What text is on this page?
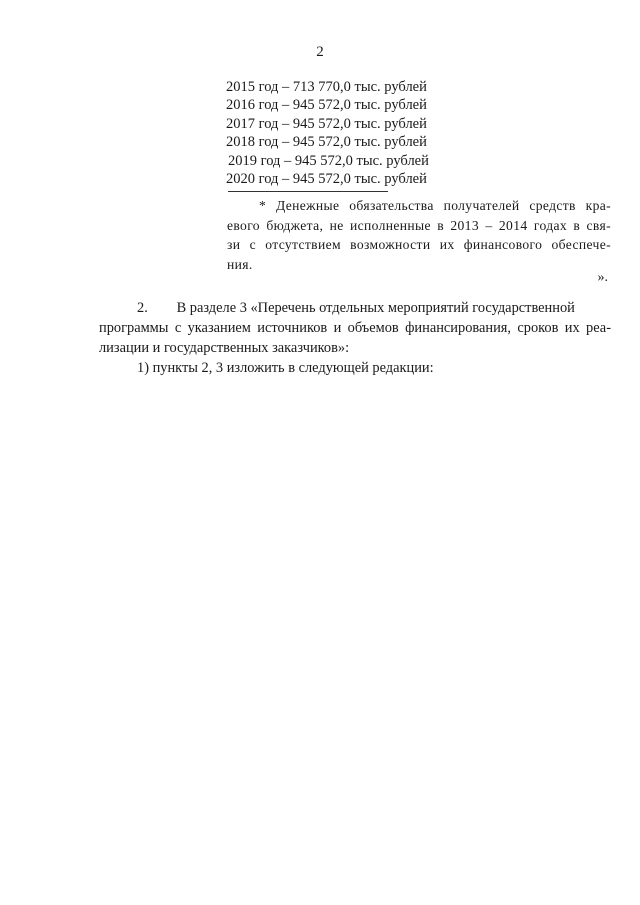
2
2015 год – 713 770,0 тыс. рублей
2016 год – 945 572,0 тыс. рублей
2017 год – 945 572,0 тыс. рублей
2018 год – 945 572,0 тыс. рублей
2019 год – 945 572,0 тыс. рублей
2020 год – 945 572,0 тыс. рублей
* Денежные обязательства получателей средств кра-
евого бюджета, не исполненные в 2013 – 2014 годах в свя-
зи с отсутствием возможности их финансового обеспече-
ния.
».
2. В разделе 3 «Перечень отдельных мероприятий государственной
программы с указанием источников и объемов финансирования, сроков их реа-
лизации и государственных заказчиков»:
1) пункты 2, 3 изложить в следующей редакции:
